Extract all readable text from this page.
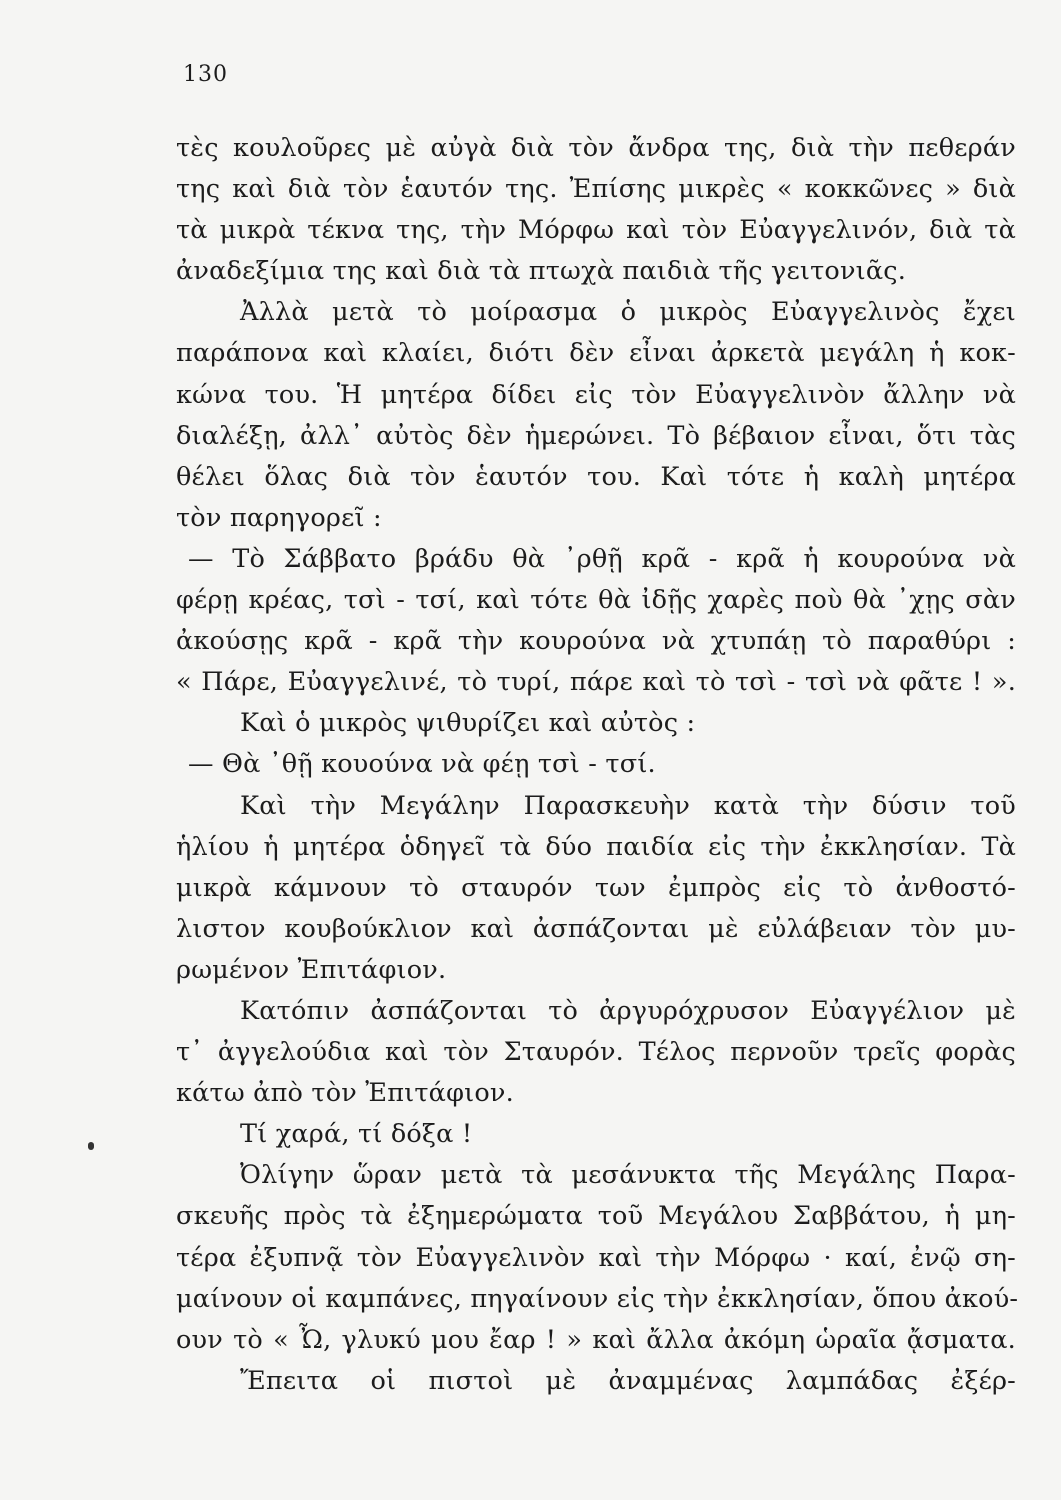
130
τὲς κουλοῦρες μὲ αὐγὰ διὰ τὸν ἄνδρα της, διὰ τὴν πεθεράν
της καὶ διὰ τὸν ἑαυτόν της. Ἐπίσης μικρὲς « κοκκῶνες » διὰ
τὰ μικρὰ τέκνα της, τὴν Μόρφω καὶ τὸν Εὐαγγελινόν, διὰ τὰ
ἀναδεξίμια της καὶ διὰ τὰ πτωχὰ παιδιὰ τῆς γειτονιᾶς.
Ἀλλὰ μετὰ τὸ μοίρασμα ὁ μικρὸς Εὐαγγελινὸς ἔχει
παράπονα καὶ κλαίει, διότι δὲν εἶναι ἀρκετὰ μεγάλη ἡ κοκ-
κώνα του. Ἡ μητέρα δίδει εἰς τὸν Εὐαγγελινὸν ἄλλην νὰ
διαλέξῃ, ἀλλ᾽ αὐτὸς δὲν ἡμερώνει. Τὸ βέβαιον εἶναι, ὅτι τὰς
θέλει ὅλας διὰ τὸν ἑαυτόν του. Καὶ τότε ἡ καλὴ μητέρα
τὸν παρηγορεῖ :
— Τὸ Σάββατο βράδυ θὰ ᾽ρθῇ κρᾶ - κρᾶ ἡ κουρούνα νὰ
φέρῃ κρέας, τσὶ - τσί, καὶ τότε θὰ ἰδῇς χαρὲς ποὺ θὰ ᾽χῃς σὰν
ἀκούσῃς κρᾶ - κρᾶ τὴν κουρούνα νὰ χτυπάῃ τὸ παραθύρι :
« Πάρε, Εὐαγγελινέ, τὸ τυρί, πάρε καὶ τὸ τσὶ - τσὶ νὰ φᾶτε ! ».
Καὶ ὁ μικρὸς ψιθυρίζει καὶ αὐτὸς :
— Θὰ ᾽θῇ κουούνα νὰ φέῃ τσὶ - τσί.
Καὶ τὴν Μεγάλην Παρασκευὴν κατὰ τὴν δύσιν τοῦ
ἡλίου ἡ μητέρα ὁδηγεῖ τὰ δύο παιδία εἰς τὴν ἐκκλησίαν. Τὰ
μικρὰ κάμνουν τὸ σταυρόν των ἐμπρὸς εἰς τὸ ἀνθοστό-
λιστον κουβούκλιον καὶ ἀσπάζονται μὲ εὐλάβειαν τὸν μυ-
ρωμένον Ἐπιτάφιον.
Κατόπιν ἀσπάζονται τὸ ἀργυρόχρυσον Εὐαγγέλιον μὲ
τ᾽ ἀγγελούδια καὶ τὸν Σταυρόν. Τέλος περνοῦν τρεῖς φορὰς
κάτω ἀπὸ τὸν Ἐπιτάφιον.
Τί χαρά, τί δόξα !
Ὀλίγην ὥραν μετὰ τὰ μεσάνυκτα τῆς Μεγάλης Παρα-
σκευῆς πρὸς τὰ ἐξημερώματα τοῦ Μεγάλου Σαββάτου, ἡ μη-
τέρα ἐξυπνᾷ τὸν Εὐαγγελινὸν καὶ τὴν Μόρφω · καί, ἐνῷ ση-
μαίνουν οἱ καμπάνες, πηγαίνουν εἰς τὴν ἐκκλησίαν, ὅπου ἀκού-
ουν τὸ « Ὦ, γλυκύ μου ἔαρ ! » καὶ ἄλλα ἀκόμη ὡραῖα ᾄσματα.
Ἔπειτα οἱ πιστοὶ μὲ ἀναμμένας λαμπάδας ἐξέρ-
